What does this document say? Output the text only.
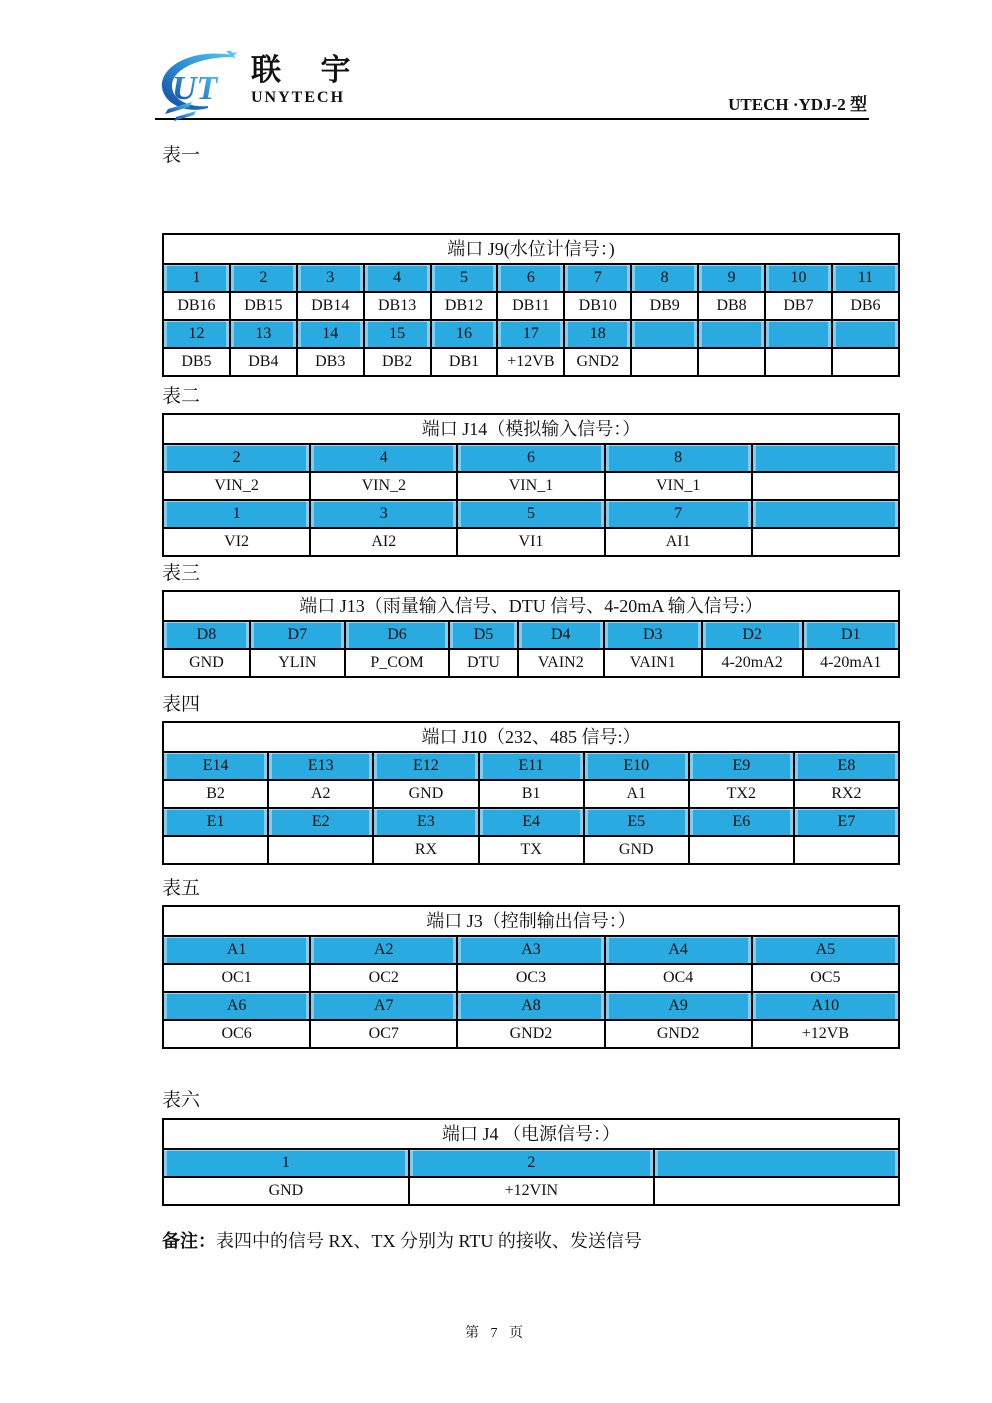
UT 联 宇
UNYTECH	UTECH ·YDJ-2 型
表一
端口 J9(水位计信号：)										
1	2	3	4	5	6	7	8	9	10	11
DB16	DB15	DB14	DB13	DB12	DB11	DB10	DB9	DB8	DB7	DB6
12	13	14	15	16	17	18				
DB5	DB4	DB3	DB2	DB1	+12VB	GND2				
表二
端口 J14（模拟输入信号：）				
2	4	6	8	
VIN_2	VIN_2	VIN_1	VIN_1	
1	3	5	7	
VI2	AI2	VI1	AI1	
表三
端口 J13（雨量输入信号、DTU 信号、4-20mA 输入信号:）							
D8	D7	D6	D5	D4	D3	D2	D1
GND	YLIN	P_COM	DTU	VAIN2	VAIN1	4-20mA2	4-20mA1
表四
端口 J10（232、485 信号:）						
E14	E13	E12	E11	E10	E9	E8
B2	A2	GND	B1	A1	TX2	RX2
E1	E2	E3	E4	E5	E6	E7
		RX	TX	GND		
表五
端口 J3（控制输出信号：）				
A1	A2	A3	A4	A5
OC1	OC2	OC3	OC4	OC5
A6	A7	A8	A9	A10
OC6	OC7	GND2	GND2	+12VB
表六
端口 J4 （电源信号：）		
1	2	
GND	+12VIN	
备注：表四中的信号 RX、TX 分别为 RTU 的接收、发送信号
第 7 页
